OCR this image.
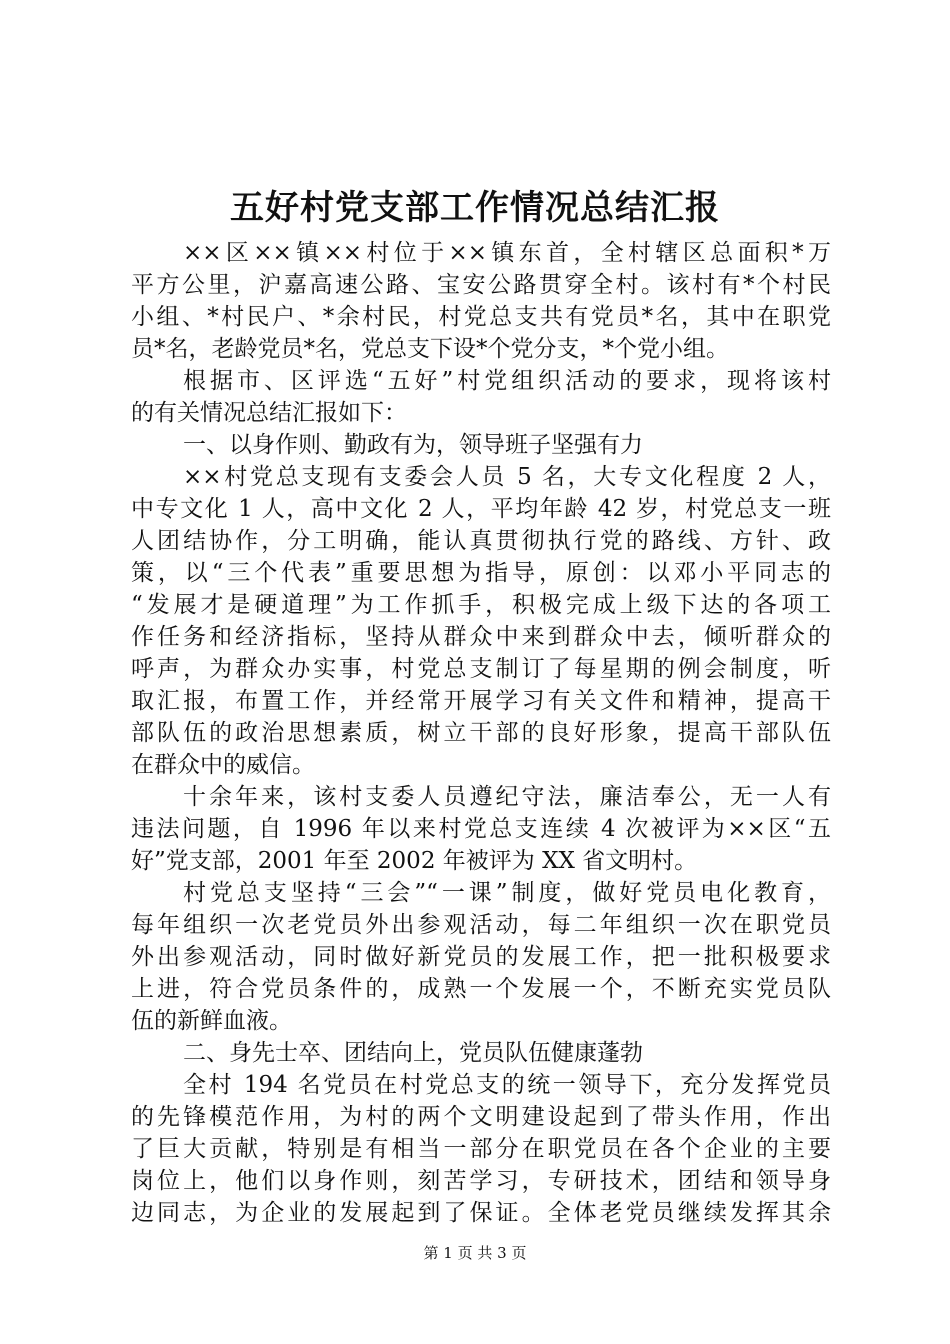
五好村党支部工作情况总结汇报
××区××镇××村位于××镇东首，全村辖区总面积*万
平方公里，沪嘉高速公路、宝安公路贯穿全村。该村有*个村民
小组、*村民户、*余村民，村党总支共有党员*名，其中在职党
员*名，老龄党员*名，党总支下设*个党分支，*个党小组。
根据市、区评选“五好”村党组织活动的要求，现将该村
的有关情况总结汇报如下：
一、以身作则、勤政有为，领导班子坚强有力
××村党总支现有支委会人员 5 名，大专文化程度 2 人，
中专文化 1 人，高中文化 2 人，平均年龄 42 岁，村党总支一班
人团结协作，分工明确，能认真贯彻执行党的路线、方针、政
策，以“三个代表”重要思想为指导，原创：以邓小平同志的
“发展才是硬道理”为工作抓手，积极完成上级下达的各项工
作任务和经济指标，坚持从群众中来到群众中去，倾听群众的
呼声，为群众办实事，村党总支制订了每星期的例会制度，听
取汇报，布置工作，并经常开展学习有关文件和精神，提高干
部队伍的政治思想素质，树立干部的良好形象，提高干部队伍
在群众中的威信。
十余年来，该村支委人员遵纪守法，廉洁奉公，无一人有
违法问题，自 1996 年以来村党总支连续 4 次被评为××区“五
好”党支部，2001 年至 2002 年被评为 XX 省文明村。
村党总支坚持“三会”“一课”制度，做好党员电化教育，
每年组织一次老党员外出参观活动，每二年组织一次在职党员
外出参观活动，同时做好新党员的发展工作，把一批积极要求
上进，符合党员条件的，成熟一个发展一个，不断充实党员队
伍的新鲜血液。
二、身先士卒、团结向上，党员队伍健康蓬勃
全村 194 名党员在村党总支的统一领导下，充分发挥党员
的先锋模范作用，为村的两个文明建设起到了带头作用，作出
了巨大贡献，特别是有相当一部分在职党员在各个企业的主要
岗位上，他们以身作则，刻苦学习，专研技术，团结和领导身
边同志，为企业的发展起到了保证。全体老党员继续发挥其余
第 1 页 共 3 页
